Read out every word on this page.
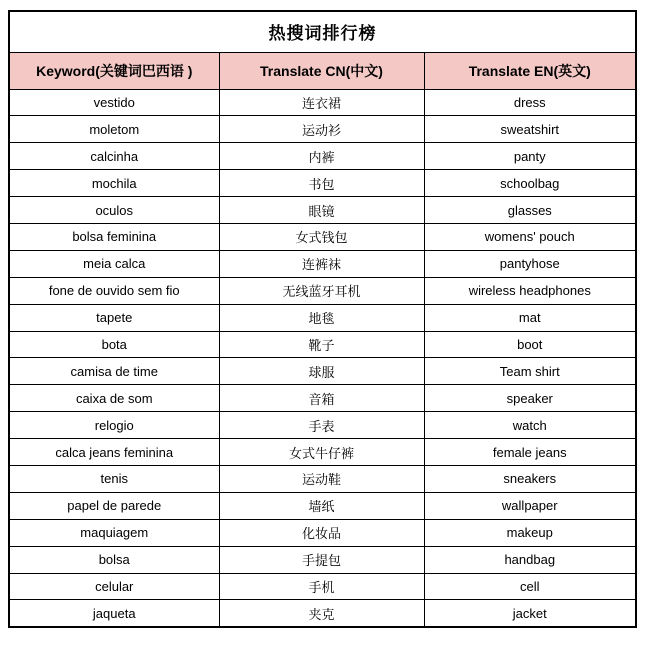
热搜词排行榜		
Keyword(关键词巴西语 )	Translate CN(中文)	Translate EN(英文)
vestido	连衣裙	dress
moletom	运动衫	sweatshirt
calcinha	内裤	panty
mochila	书包	schoolbag
oculos	眼镜	glasses
bolsa feminina	女式钱包	womens' pouch
meia calca	连裤袜	pantyhose
fone de ouvido sem fio	无线蓝牙耳机	wireless headphones
tapete	地毯	mat
bota	靴子	boot
camisa de time	球服	Team shirt
caixa de som	音箱	speaker
relogio	手表	watch
calca jeans feminina	女式牛仔裤	female jeans
tenis	运动鞋	sneakers
papel de parede	墙纸	wallpaper
maquiagem	化妆品	makeup
bolsa	手提包	handbag
celular	手机	cell
jaqueta	夹克	jacket
